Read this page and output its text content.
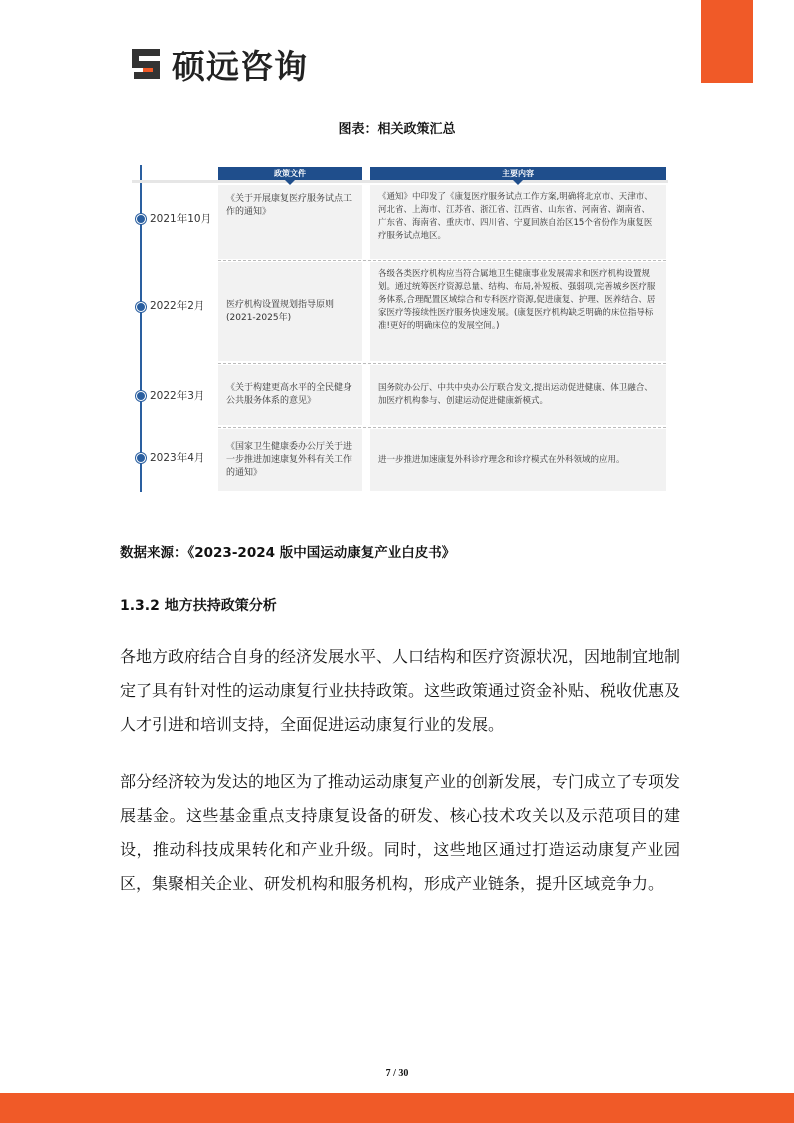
硕远咨询
图表：相关政策汇总
政策文件	主要内容
2021年10月
《关于开展康复医疗服务试点工作的通知》
《通知》中印发了《康复医疗服务试点工作方案,明确将北京市、天津市、河北省、上海市、江苏省、浙江省、江西省、山东省、河南省、湖南省、广东省、海南省、重庆市、四川省、宁夏回族自治区15个省份作为康复医疗服务试点地区。
2022年2月	医疗机构设置规划指导原则(2021-2025年)
各级各类医疗机构应当符合属地卫生健康事业发展需求和医疗机构设置规划。通过统筹医疗资源总量、结构、布局,补短板、强弱项,完善城乡医疗服务体系,合理配置区域综合和专科医疗资源,促进康复、护理、医养结合、居家医疗等接续性医疗服务快速发展。(康复医疗机构缺乏明确的床位指导标准!更好的明确床位的发展空间。)
2022年3月
《关于构建更高水平的全民健身公共服务体系的意见》
国务院办公厅、中共中央办公厅联合发文,提出运动促进健康、体卫融合、加医疗机构参与、创建运动促进健康新模式。
2023年4月
《国家卫生健康委办公厅关于进一步推进加速康复外科有关工作的通知》
进一步推进加速康复外科诊疗理念和诊疗模式在外科领域的应用。
数据来源：《2023-2024 版中国运动康复产业白皮书》
1.3.2 地方扶持政策分析
各地方政府结合自身的经济发展水平、人口结构和医疗资源状况，因地制宜地制定了具有针对性的运动康复行业扶持政策。这些政策通过资金补贴、税收优惠及人才引进和培训支持，全面促进运动康复行业的发展。
部分经济较为发达的地区为了推动运动康复产业的创新发展，专门成立了专项发展基金。这些基金重点支持康复设备的研发、核心技术攻关以及示范项目的建设，推动科技成果转化和产业升级。同时，这些地区通过打造运动康复产业园区，集聚相关企业、研发机构和服务机构，形成产业链条，提升区域竞争力。
7 / 30
